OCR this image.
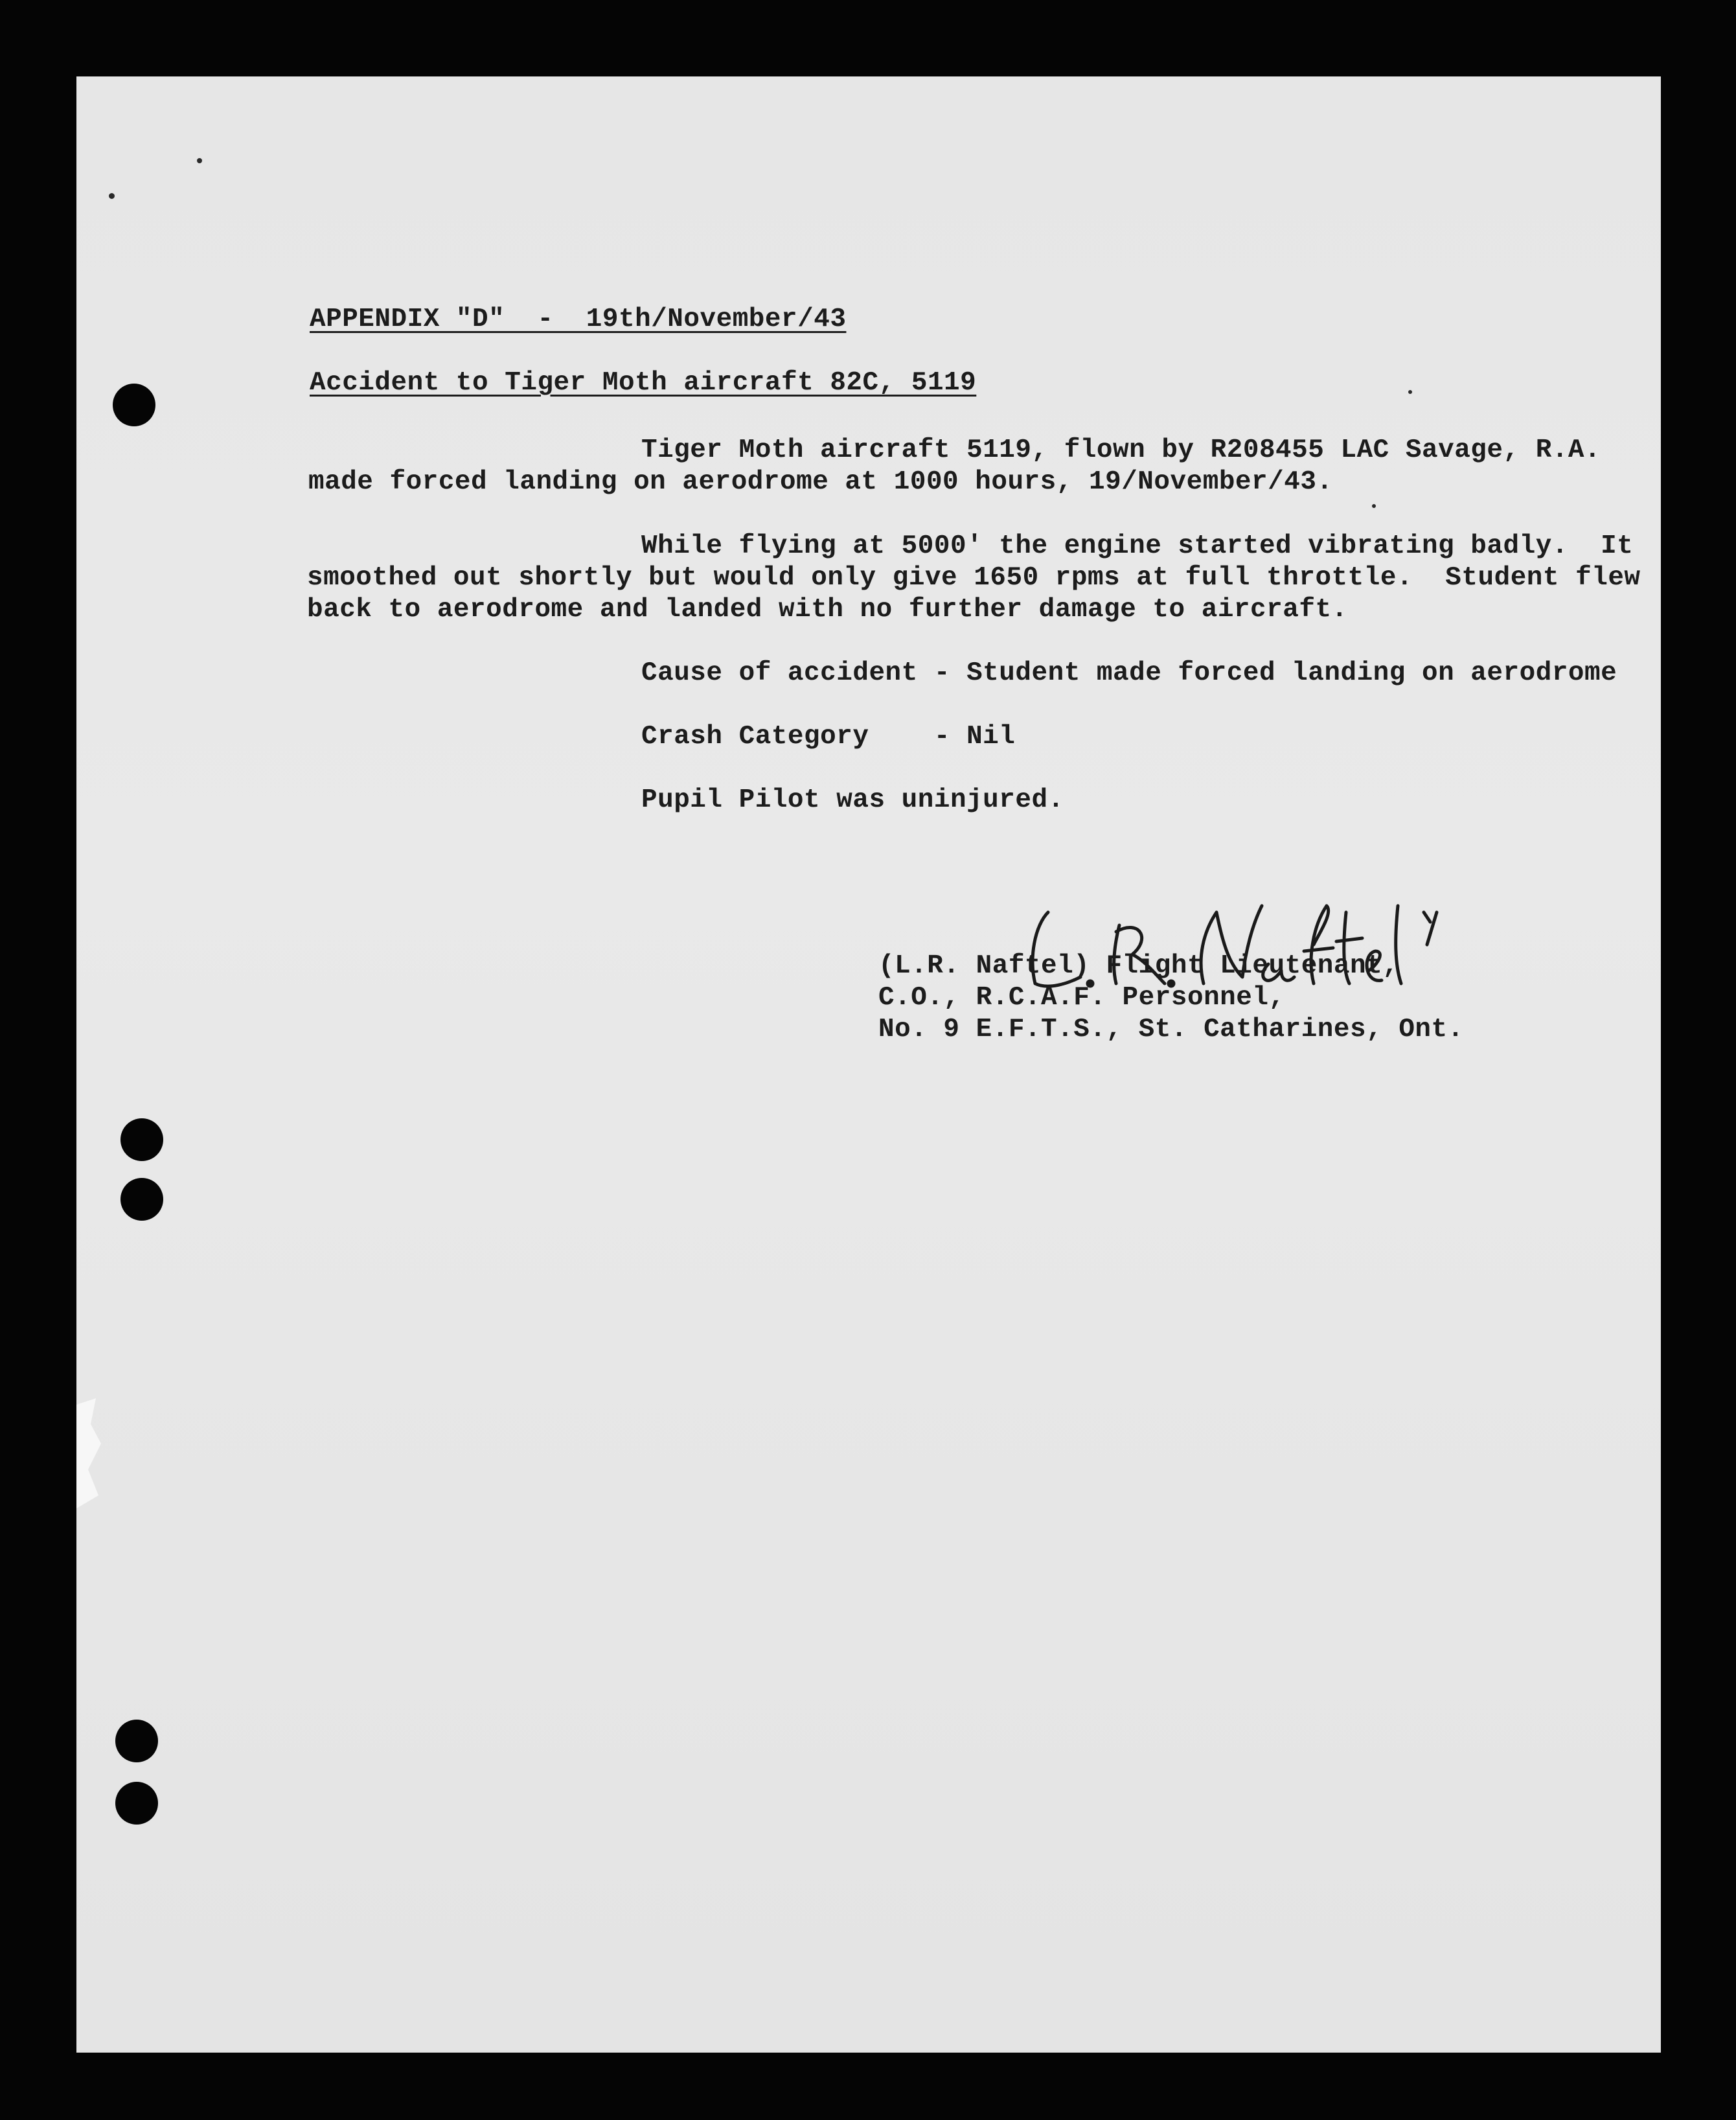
APPENDIX "D"  -  19th/November/43
Accident to Tiger Moth aircraft 82C, 5119
Tiger Moth aircraft 5119, flown by R208455 LAC Savage, R.A.
made forced landing on aerodrome at 1000 hours, 19/November/43.
While flying at 5000' the engine started vibrating badly.  It
smoothed out shortly but would only give 1650 rpms at full throttle.  Student flew
back to aerodrome and landed with no further damage to aircraft.
Cause of accident - Student made forced landing on aerodrome
Crash Category    - Nil
Pupil Pilot was uninjured.
(L.R. Naftel) Flight Lieutenant,
C.O., R.C.A.F. Personnel,
No. 9 E.F.T.S., St. Catharines, Ont.
